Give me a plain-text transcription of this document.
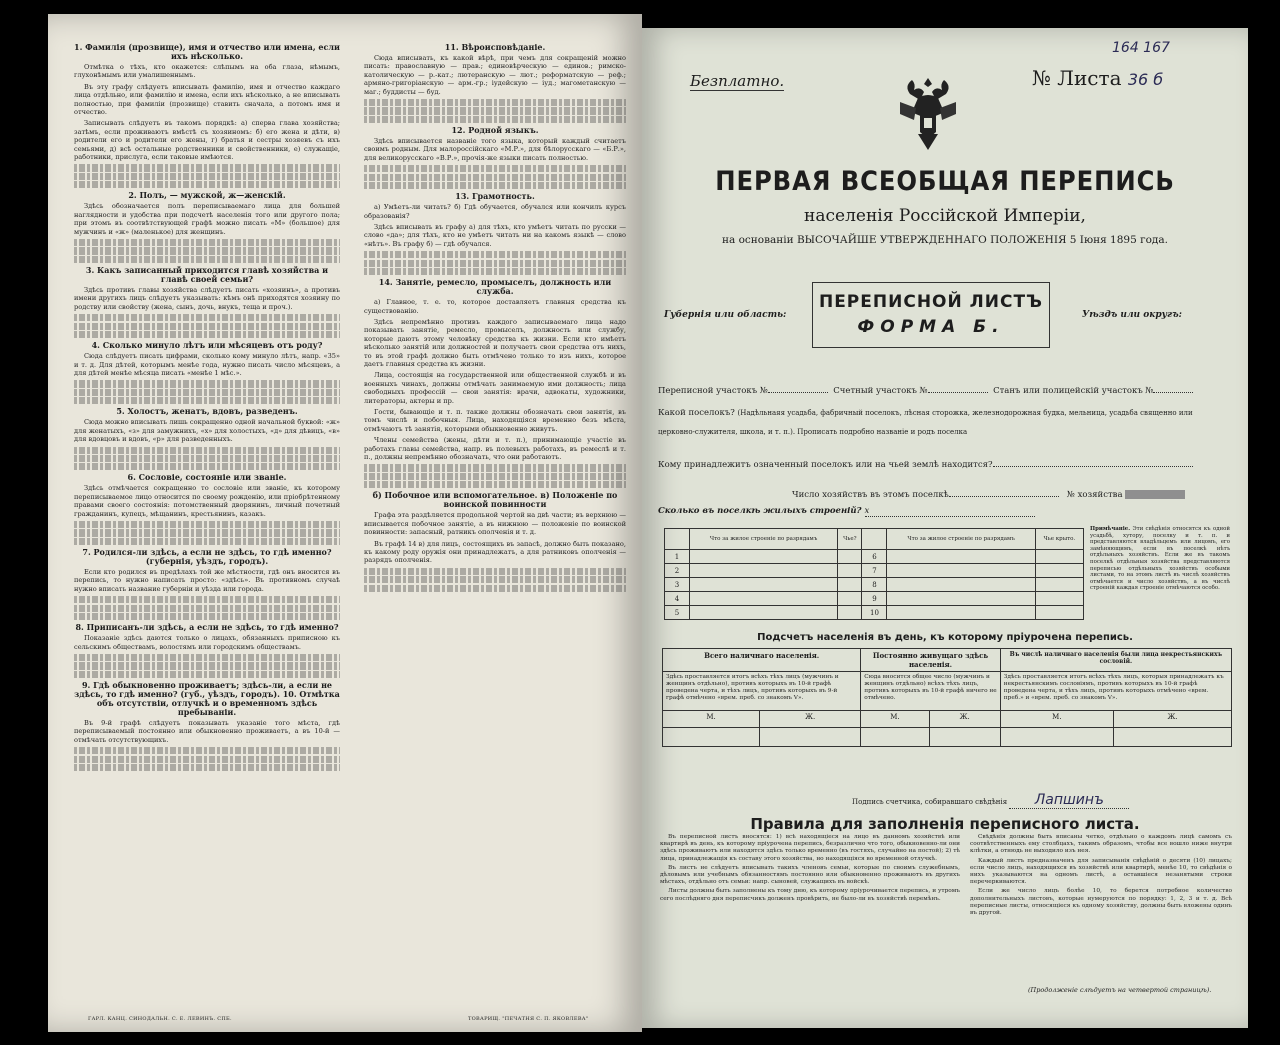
1. Фамилія (прозвище), имя и отчество или имена, если ихъ нѣсколько.

Отмѣтка о тѣхъ, кто окажется: слѣпымъ на оба глаза, нѣмымъ, глухонѣмымъ или умалишеннымъ.

Въ эту графу слѣдуетъ вписывать фамилію, имя и отчество каждаго лица отдѣльно, или фамилію и имена, если ихъ нѣсколько, а не вписывать полностью, при фамиліи (прозвище) ставить сначала, а потомъ имя и отчество.

Записывать слѣдуетъ въ такомъ порядкѣ: а) сперва глава хозяйства; затѣмъ, если проживаютъ вмѣстѣ съ хозяиномъ: б) его жена и дѣти, в) родители его и родители его жены, г) братья и сестры хозяевъ съ ихъ семьями, д) всѣ остальные родственники и свойственники, е) служащіе, работники, прислуга, если таковые имѣются.

2. Полъ, — мужской, ж—женскій.

Здѣсь обозначается полъ переписываемаго лица для большей наглядности и удобства при подсчетѣ населенія того или другого пола; при этомъ въ соотвѣтствующей графѣ можно писать «М» (большое) для мужчинъ и «ж» (маленькое) для женщинъ.

3. Какъ записанный приходится главѣ хозяйства и главѣ своей семьи?

Здѣсь противъ главы хозяйства слѣдуетъ писать «хозяинъ», а противъ имени другихъ лицъ слѣдуетъ указывать: кѣмъ онѣ приходятся хозяину по родству или свойству (жена, сынъ, дочь, внукъ, теща и проч.).

4. Сколько минуло лѣтъ или мѣсяцевъ отъ роду?

Сюда слѣдуетъ писать цифрами, сколько кому минуло лѣтъ, напр. «35» и т. д. Для дѣтей, которымъ менѣе года, нужно писать число мѣсяцевъ, а для дѣтей менѣе мѣсяца писать «менѣе 1 мѣс.».

5. Холостъ, женатъ, вдовъ, разведенъ.

Сюда можно вписывать лишь сокращенно одной начальной буквой: «ж» для женатыхъ, «з» для замужнихъ, «х» для холостыхъ, «д» для дѣвицъ, «в» для вдовцовъ и вдовъ, «р» для разведенныхъ.

6. Сословіе, состояніе или званіе.

Здѣсь отмѣчается сокращенно то сословіе или званіе, къ которому переписываемое лицо относится по своему рожденію, или пріобрѣтенному правами своего состоянія: потомственный дворянинъ, личный почетный гражданинъ, купецъ, мѣщанинъ, крестьянинъ, казакъ.

7. Родился-ли здѣсь, а если не здѣсь, то гдѣ именно? (губернія, уѣздъ, городъ).

Если кто родился въ предѣлахъ той же мѣстности, гдѣ онъ вносится въ перепись, то нужно написать просто: «здѣсь». Въ противномъ случаѣ нужно вписать название губерніи и уѣзда или города.

8. Приписанъ-ли здѣсь, а если не здѣсь, то гдѣ именно?

Показаніе здѣсь даются только о лицахъ, обязанныхъ приписною къ сельскимъ обществамъ, волостямъ или городскимъ обществамъ.

9. Гдѣ обыкновенно проживаетъ; здѣсь-ли, а если не здѣсь, то гдѣ именно? (губ., уѣздъ, городъ). 10. Отмѣтка объ отсутствіи, отлучкѣ и о временномъ здѣсь пребываніи.

Въ 9-й графѣ слѣдуетъ показывать указаніе того мѣста, гдѣ переписываемый постоянно или обыкновенно проживаетъ, а въ 10-й — отмѣчать отсутствующихъ.

11. Вѣроисповѣданіе.

Сюда вписывать, къ какой вѣрѣ, при чемъ для сокращеній можно писать: православную — прав.; единовѣрческую — единов.; римско-католическую — р.-кат.; лютеранскую — лют.; реформатскую — реф.; армяно-григоріанскую — арм.-гр.; іудейскую — іуд.; магометанскую — маг.; буддисты — буд.

12. Родной языкъ.

Здѣсь вписывается названіе того языка, который каждый считаетъ своимъ родным. Для малороссійскаго «М.Р.», для бѣлорусскаго — «Б.Р.», для великорусскаго «В.Р.», прочія-же языки писать полностью.

13. Грамотность.

а) Умѣетъ-ли читать? б) Гдѣ обучается, обучался или кончилъ курсъ образованія?

Здѣсь вписывать въ графу а) для тѣхъ, кто умѣетъ читать по русски — слово «да»; для тѣхъ, кто не умѣетъ читать ни на какомъ языкѣ — слово «нѣтъ». Въ графу б) — гдѣ обучался.

14. Занятіе, ремесло, промыселъ, должность или служба.

а) Главное, т. е. то, которое доставляетъ главныя средства къ существованію.

Здѣсь непремѣнно противъ каждого записываемаго лица надо показывать занятіе, ремесло, промыселъ, должность или службу, которые даютъ этому человѣку средства къ жизни. Если кто имѣетъ нѣсколько занятій или должностей и получаетъ свои средства отъ нихъ, то въ этой графѣ должно быть отмѣчено только то изъ нихъ, которое даетъ главныя средства къ жизни.

Лица, состоящія на государственной или общественной службѣ и въ военныхъ чинахъ, должны отмѣчать занимаемую ими должность; лица свободныхъ профессій — свои занятія: врачи, адвокаты, художники, литераторы, актеры и пр.

Гости, бывающіе и т. п. также должны обозначать свои занятія, въ томъ числѣ и побочныя. Лица, находящіяся временно безъ мѣста, отмѣчаютъ тѣ занятія, которыми обыкновенно живутъ.

Члены семейства (жены, дѣти и т. п.), принимающіе участіе въ работахъ главы семейства, напр. въ полевыхъ работахъ, въ ремеслѣ и т. п., должны непремѣнно обозначать, что они работаютъ.

б) Побочное или вспомогательное. в) Положеніе по воинской повинности

Графа эта раздѣляется продольной чертой на двѣ части; въ верхнюю — вписывается побочное занятіе, а въ нижнюю — положеніе по воинской повинности: запасный, ратникъ ополченія и т. д.

Въ графѣ 14 в) для лицъ, состоящихъ въ запасѣ, должно быть показано, къ какому роду оружія они принадлежатъ, а для ратниковъ ополченія — разрядъ ополченія.

ГАРЛ. КАНЦ. СИНОДАЛЬН. С. Е. ЛЕВИНЪ. СПБ.	ТОВАРИЩ. "ПЕЧАТНЯ С. П. ЯКОВЛЕВА"
164 167
Безплатно.	№ Листа 36 б
ПЕРВАЯ ВСЕОБЩАЯ ПЕРЕПИСЬ
населенія Россійской Имперіи,
на основаніи ВЫСОЧАЙШЕ УТВЕРЖДЕННАГО ПОЛОЖЕНІЯ 5 Іюня 1895 года.
Губернія или область:	Уѣздъ или округъ:
ПЕРЕПИСНОЙ ЛИСТЪ
ФОРМА Б.
Переписной участокъ №	Счетный участокъ №	Станъ или полицейскій участокъ №
Какой поселокъ? (Надѣльнаяя усадьба, фабричный поселокъ, лѣсная сторожка, железнодорожная будка, мельница, усадьба священно или
церковно-служителя, школа, и т. п.). Прописать подробно названіе и родъ поселка
Кому принадлежитъ означенный поселокъ или на чьей землѣ находится?
Число хозяйствъ въ этомъ поселкѣ	№ хозяйства
Сколько въ поселкѣ жилыхъ строеній? х
	Что за жилое строеніе по разрядамъ	Чье?		Что за жилое строеніе по разрядамъ	Чье крыто.
1			6		
2			7		
3			8		
4			9		
5			10		
Примѣчаніе. Эти свѣдѣнія относятся къ одной усадьбѣ, хутору, поселку и т. п. и представляются владѣльцемъ или лицомъ, его замѣняющимъ, если въ поселкѣ нѣтъ отдѣльныхъ хозяйствъ. Если же въ такомъ поселкѣ отдѣльныя хозяйства представляются переписью отдѣльныхъ хозяйствъ особыми листами, то на этомъ листѣ въ числѣ хозяйствъ отмѣчается и число хозяйствъ, а въ числѣ строеній каждая строеніе отмѣчаются особо.
Подсчетъ населенія въ день, къ которому пріурочена перепись.
Всего наличнаго населенія.		Постоянно живущаго здѣсь населенія.		Въ числѣ наличнаго населенія были лица некрестьянскихъ сословій.	
Здѣсь проставляется итогъ всѣхъ тѣхъ лицъ (мужчинъ и женщинъ отдѣльно), противъ которыхъ въ 10-й графѣ проведена черта, и тѣхъ лицъ, противъ которыхъ въ 9-й графѣ отмѣчено «врем. преб. со знакомъ V».		Сюда вносится общее число (мужчинъ и женщинъ отдѣльно) всѣхъ тѣхъ лицъ, противъ которыхъ въ 10-й графѣ ничего не отмѣчено.		Здѣсь проставляется итогъ всѣхъ тѣхъ лицъ, которыя принадлежатъ къ некрестьянскимъ сословіямъ, противъ которыхъ въ 10-й графѣ проведена черта, и тѣхъ лицъ, противъ которыхъ отмѣчено «врем. преб.» и «врем. преб. со знакомъ V».	
М.	Ж.	М.	Ж.	М.	Ж.

Подпись счетчика, собиравшаго свѣдѣнія Лапшинъ
Правила для заполненія переписного листа.

Въ переписной листъ вносятся: 1) всѣ находящіеся на лицо въ данномъ хозяйствѣ или квартирѣ въ день, къ которому пріурочена перепись, безразлично что того, обыкновенно-ли они здѣсь проживаютъ или находятся здѣсь только временно (въ гостяхъ, случайно на постой); 2) тѣ лица, принадлежащія къ составу этого хозяйства, но находящіяся во временной отлучкѣ.

Въ листъ не слѣдуетъ вписывать такихъ членовъ семьи, которые по своимъ служебнымъ, дѣловымъ или учебнымъ обязанностямъ постоянно или обыкновенно проживаютъ въ другихъ мѣстахъ, отдѣльно отъ семьи: напр. сыновей, служащихъ въ войскѣ.

Листы должны быть заполнены къ тому дню, къ которому пріурочивается перепись, и утромъ сего послѣдняго дня переписчикъ долженъ провѣрить, не было-ли въ хозяйствѣ перемѣнъ.

Свѣдѣнія должны быть вписаны четко, отдѣльно о каждомъ лицѣ самомъ съ соотвѣтственныхъ ему столбцахъ, такимъ образомъ, чтобы все вошло ниже внутри клѣтки, а отнюдь не выходило изъ нея.

Каждый листъ предназначенъ для записыванія свѣдѣній о десяти (10) лицахъ; если число лицъ, находящихся въ хозяйствѣ или квартирѣ, менѣе 10, то свѣдѣнія о нихъ указываются на одномъ листѣ, а оставшіеся незанятыми строки перечеркиваются.

Если же число лицъ болѣе 10, то берется потребное количество дополнительныхъ листовъ, которые нумеруются по порядку: 1, 2, 3 и т. д. Всѣ переписные листы, относящіеся къ одному хозяйству, должны быть вложены одинъ въ другой.

(Продолженіе слѣдуетъ на четвертой страницѣ).
